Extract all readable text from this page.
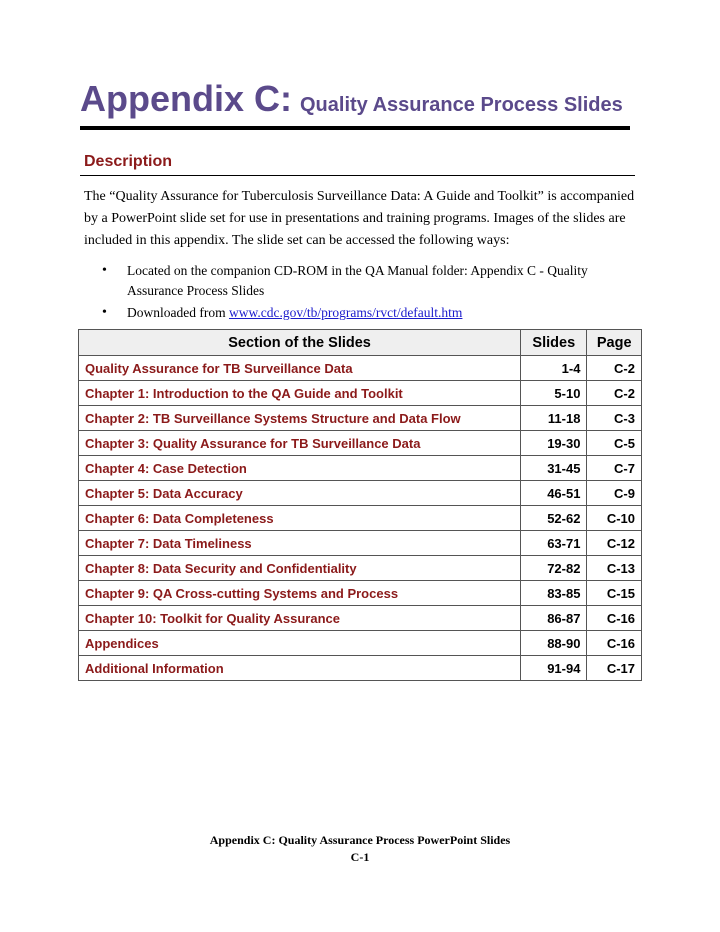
Appendix C: Quality Assurance Process Slides
Description

The “Quality Assurance for Tuberculosis Surveillance Data: A Guide and Toolkit” is accompanied by a PowerPoint slide set for use in presentations and training programs. Images of the slides are included in this appendix. The slide set can be accessed the following ways:

• Located on the companion CD-ROM in the QA Manual folder: Appendix C - Quality Assurance Process Slides
• Downloaded from www.cdc.gov/tb/programs/rvct/default.htm
Section of the Slides	Slides	Page
Quality Assurance for TB Surveillance Data	1-4	C-2
Chapter 1: Introduction to the QA Guide and Toolkit	5-10	C-2
Chapter 2: TB Surveillance Systems Structure and Data Flow	11-18	C-3
Chapter 3: Quality Assurance for TB Surveillance Data	19-30	C-5
Chapter 4: Case Detection	31-45	C-7
Chapter 5: Data Accuracy	46-51	C-9
Chapter 6: Data Completeness	52-62	C-10
Chapter 7: Data Timeliness	63-71	C-12
Chapter 8: Data Security and Confidentiality	72-82	C-13
Chapter 9: QA Cross-cutting Systems and Process	83-85	C-15
Chapter 10: Toolkit for Quality Assurance	86-87	C-16
Appendices	88-90	C-16
Additional Information	91-94	C-17
Appendix C: Quality Assurance Process PowerPoint Slides
C-1
